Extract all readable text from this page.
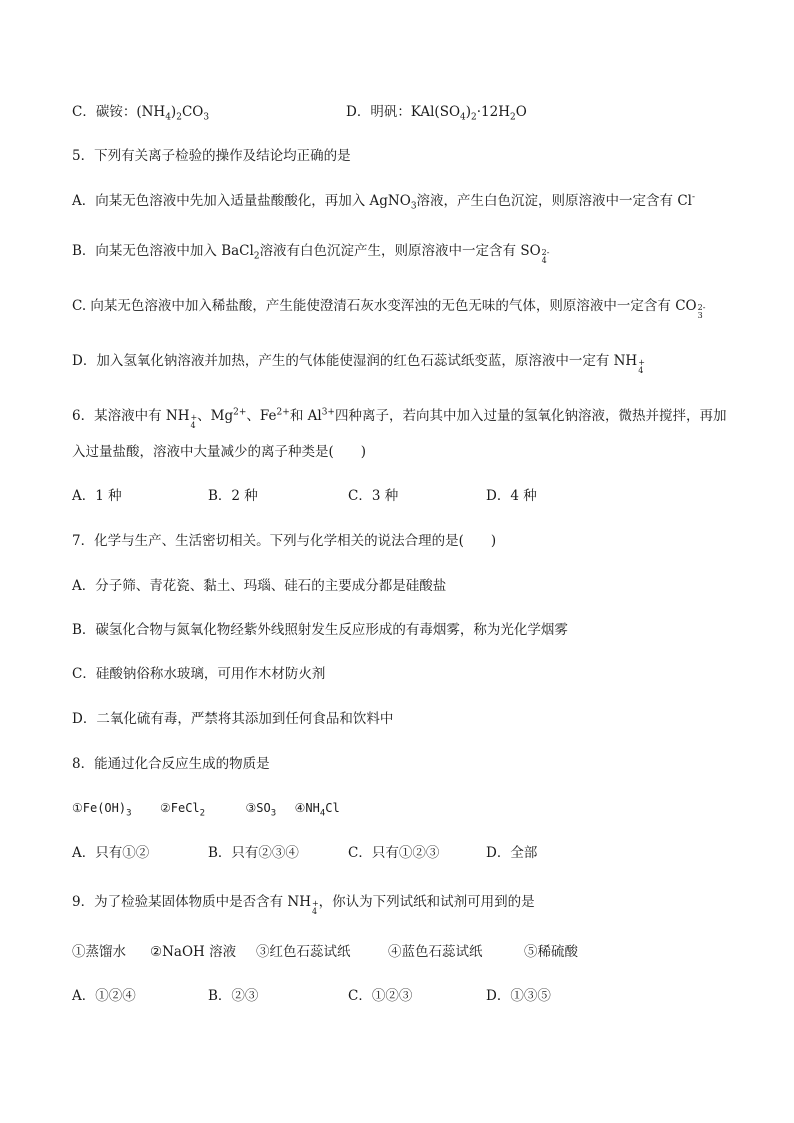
C．碳铵：$(NH_4)_2CO_3$	D．明矾：$KAl(SO_4)_2\cdot 12H_2O$
5．下列有关离子检验的操作及结论均正确的是
A．向某无色溶液中先加入适量盐酸酸化，再加入 AgNO$_3$溶液，产生白色沉淀，则原溶液中一定含有 Cl-
B．向某无色溶液中加入 BaCl$_2$溶液有白色沉淀产生，则原溶液中一定含有 SO 2-
4
C. 向某无色溶液中加入稀盐酸，产生能使澄清石灰水变浑浊的无色无味的气体，则原溶液中一定含有 CO 2-
3
D．加入氢氧化钠溶液并加热，产生的气体能使湿润的红色石蕊试纸变蓝，原溶液中一定有 NH +
4
6．某溶液中有 NH +
4
、$Mg^{2+}$、$Fe^{2+}$和 $Al^{3+}$四种离子，若向其中加入过量的氢氧化钠溶液，微热并搅拌，再加
入过量盐酸，溶液中大量减少的离子种类是(　　)
A．1 种	B．2 种	C．3 种	D．4 种
7．化学与生产、生活密切相关。下列与化学相关的说法合理的是(　　)
A．分子筛、青花瓷、黏土、玛瑙、硅石的主要成分都是硅酸盐
B．碳氢化合物与氮氧化物经紫外线照射发生反应形成的有毒烟雾，称为光化学烟雾
C．硅酸钠俗称水玻璃，可用作木材防火剂
D．二氧化硫有毒，严禁将其添加到任何食品和饮料中
8．能通过化合反应生成的物质是
$①Fe(OH)_3$ ②FeCl$_2$	$③SO_3$ $④NH_4Cl$
A．只有①②	B．只有②③④	C．只有①②③	D．全部
9．为了检验某固体物质中是否含有 NH +
4
，你认为下列试纸和试剂可用到的是
①蒸馏水 ②NaOH 溶液 ③红色石蕊试纸	④蓝色石蕊试纸	⑤稀硫酸
A．①②④	B．②③	C．①②③	D．①③⑤
